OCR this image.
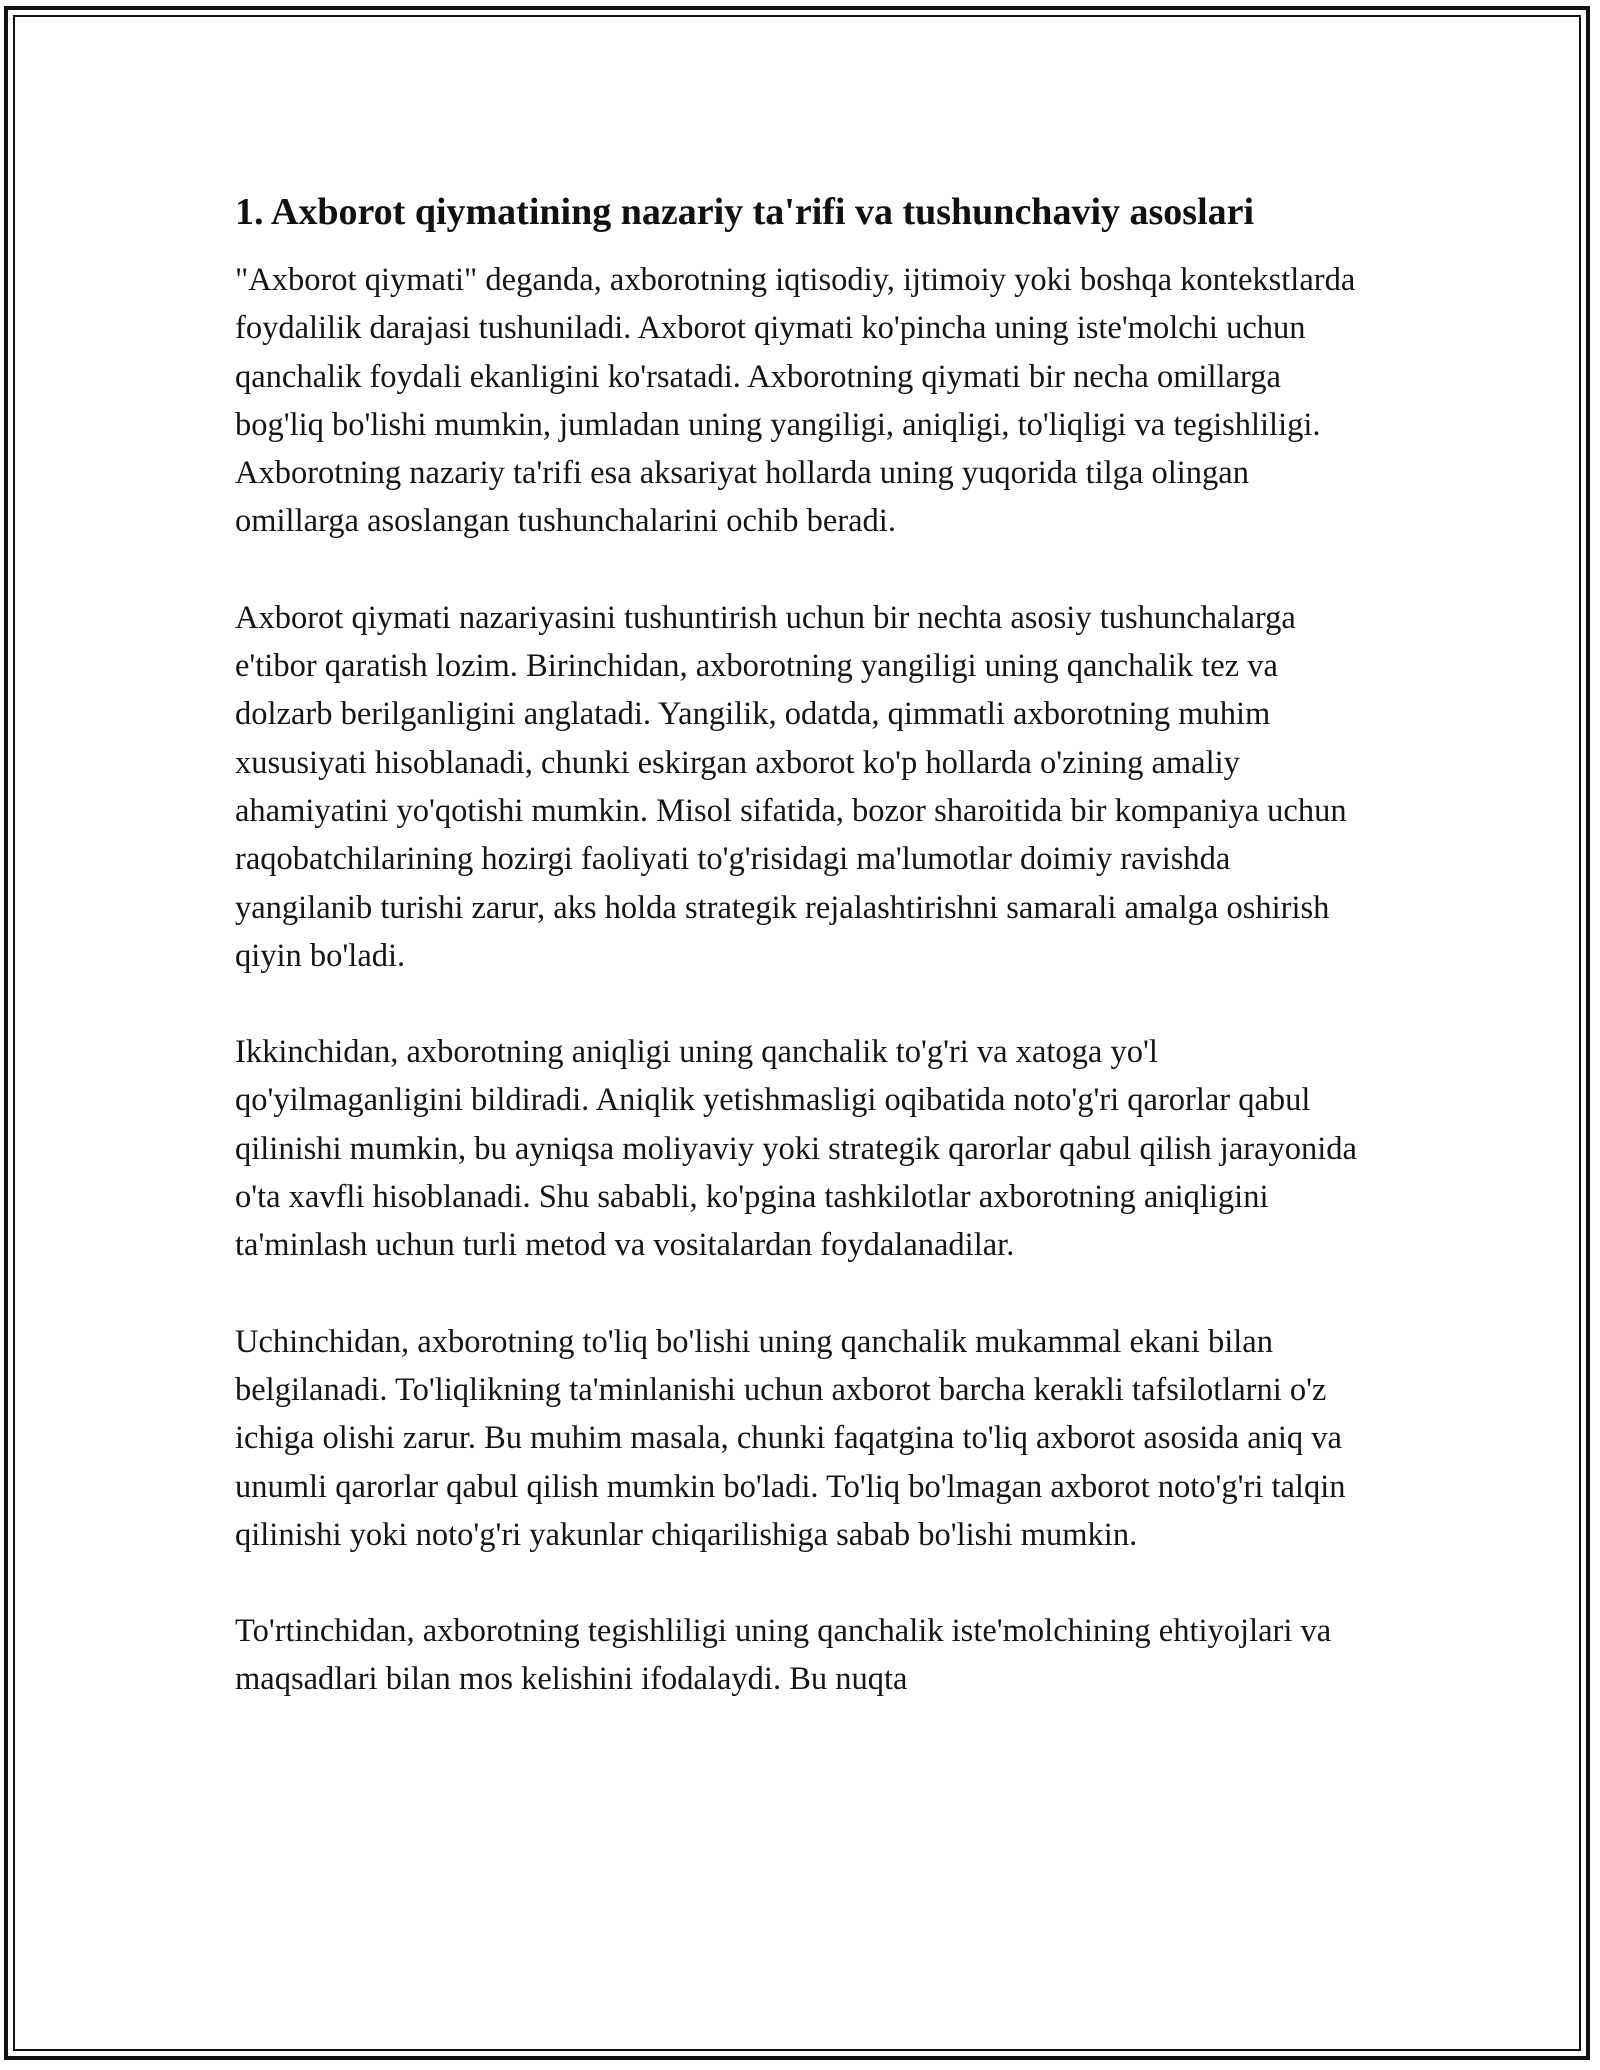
1. Axborot qiymatining nazariy ta'rifi va tushunchaviy asoslari

"Axborot qiymati" deganda, axborotning iqtisodiy, ijtimoiy yoki boshqa kontekstlarda foydalilik darajasi tushuniladi. Axborot qiymati ko'pincha uning iste'molchi uchun qanchalik foydali ekanligini ko'rsatadi. Axborotning qiymati bir necha omillarga bog'liq bo'lishi mumkin, jumladan uning yangiligi, aniqligi, to'liqligi va tegishliligi. Axborotning nazariy ta'rifi esa aksariyat hollarda uning yuqorida tilga olingan omillarga asoslangan tushunchalarini ochib beradi.

Axborot qiymati nazariyasini tushuntirish uchun bir nechta asosiy tushunchalarga e'tibor qaratish lozim. Birinchidan, axborotning yangiligi uning qanchalik tez va dolzarb berilganligini anglatadi. Yangilik, odatda, qimmatli axborotning muhim xususiyati hisoblanadi, chunki eskirgan axborot ko'p hollarda o'zining amaliy ahamiyatini yo'qotishi mumkin. Misol sifatida, bozor sharoitida bir kompaniya uchun raqobatchilarining hozirgi faoliyati to'g'risidagi ma'lumotlar doimiy ravishda yangilanib turishi zarur, aks holda strategik rejalashtirishni samarali amalga oshirish qiyin bo'ladi.

Ikkinchidan, axborotning aniqligi uning qanchalik to'g'ri va xatoga yo'l qo'yilmaganligini bildiradi. Aniqlik yetishmasligi oqibatida noto'g'ri qarorlar qabul qilinishi mumkin, bu ayniqsa moliyaviy yoki strategik qarorlar qabul qilish jarayonida o'ta xavfli hisoblanadi. Shu sababli, ko'pgina tashkilotlar axborotning aniqligini ta'minlash uchun turli metod va vositalardan foydalanadilar.

Uchinchidan, axborotning to'liq bo'lishi uning qanchalik mukammal ekani bilan belgilanadi. To'liqlikning ta'minlanishi uchun axborot barcha kerakli tafsilotlarni o'z ichiga olishi zarur. Bu muhim masala, chunki faqatgina to'liq axborot asosida aniq va unumli qarorlar qabul qilish mumkin bo'ladi. To'liq bo'lmagan axborot noto'g'ri talqin qilinishi yoki noto'g'ri yakunlar chiqarilishiga sabab bo'lishi mumkin.

To'rtinchidan, axborotning tegishliligi uning qanchalik iste'molchining ehtiyojlari va maqsadlari bilan mos kelishini ifodalaydi. Bu nuqta
